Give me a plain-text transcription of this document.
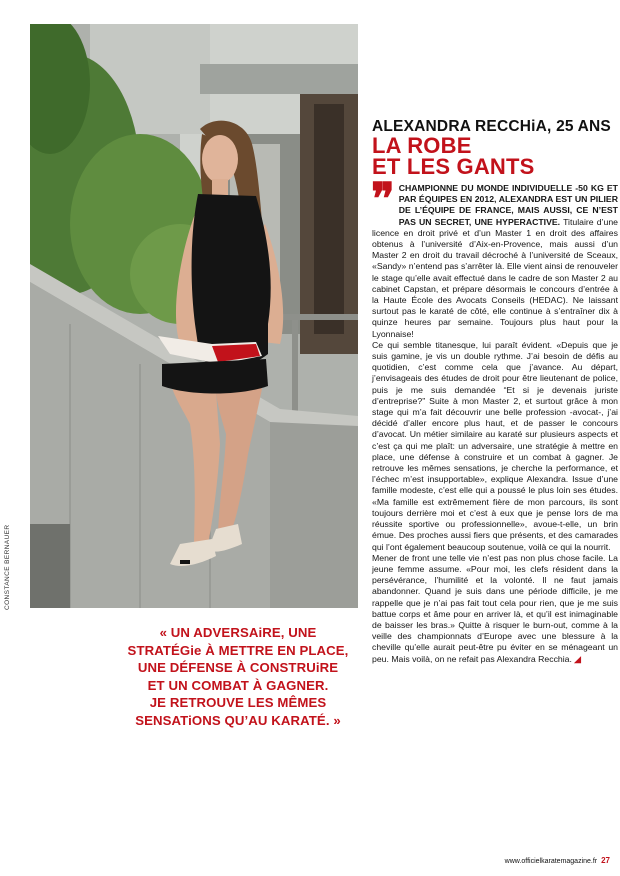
CONSTANCE BERNAUER
ALEXANDRA RECCHiA, 25 ANS
LA ROBE
ET LES GANTS

❞ CHAMPIONNE DU MONDE INDIVIDUELLE -50 KG ET PAR ÉQUIPES EN 2012, ALEXANDRA EST UN PILIER DE L’ÉQUIPE DE FRANCE, MAIS AUSSI, CE N’EST PAS UN SECRET, UNE HYPERACTIVE. Titulaire d’une licence en droit privé et d’un Master 1 en droit des affaires obtenus à l’université d’Aix-en-Provence, mais aussi d’un Master 2 en droit du travail décroché à l’université de Sceaux, «Sandy» n’entend pas s’arrêter là. Elle vient ainsi de renouveler le stage qu’elle avait effectué dans le cadre de son Master 2 au cabinet Capstan, et prépare désormais le concours d’entrée à la Haute École des Avocats Conseils (HEDAC). Ne laissant surtout pas le karaté de côté, elle continue à s’entraîner dix à quinze heures par semaine. Toujours plus haut pour la Lyonnaise!

Ce qui semble titanesque, lui paraît évident. «Depuis que je suis gamine, je vis un double rythme. J’ai besoin de défis au quotidien, c’est comme cela que j’avance. Au départ, j’envisageais des études de droit pour être lieutenant de police, puis je me suis demandée “Et si je devenais juriste d’entreprise?” Suite à mon Master 2, et surtout grâce à mon stage qui m’a fait découvrir une belle profession -avocat-, j’ai décidé d’aller encore plus haut, et de passer le concours d’avocat. Un métier similaire au karaté sur plusieurs aspects et c’est ça qui me plaît: un adversaire, une stratégie à mettre en place, une défense à construire et un combat à gagner. Je retrouve les mêmes sensations, je cherche la performance, et l’échec m’est insupportable», explique Alexandra. Issue d’une famille modeste, c’est elle qui a poussé le plus loin ses études. «Ma famille est extrêmement fière de mon parcours, ils sont toujours derrière moi et c’est à eux que je pense lors de ma réussite sportive ou professionnelle», avoue-t-elle, un brin émue. Des proches aussi fiers que présents, et des camarades qui l’ont également beaucoup soutenue, voilà ce qui la nourrit.

Mener de front une telle vie n’est pas non plus chose facile. La jeune femme assume. «Pour moi, les clefs résident dans la persévérance, l’humilité et la volonté. Il ne faut jamais abandonner. Quand je suis dans une période difficile, je me rappelle que je n’ai pas fait tout cela pour rien, que je me suis battue corps et âme pour en arriver là, et qu’il est inimaginable de baisser les bras.» Quitte à risquer le burn-out, comme à la veille des championnats d’Europe avec une blessure à la cheville qu’elle aurait peut-être pu éviter en se ménageant un peu. Mais voilà, on ne refait pas Alexandra Recchia. ◢

« UN ADVERSAiRE, UNE
STRATÉGie À METTRE EN PLACE,
UNE DÉFENSE À CONSTRUiRE
ET UN COMBAT À GAGNER.
JE RETROUVE LES MÊMES
SENSATiONS QU’AU KARATÉ. »
www.officielkaratemagazine.fr 27
